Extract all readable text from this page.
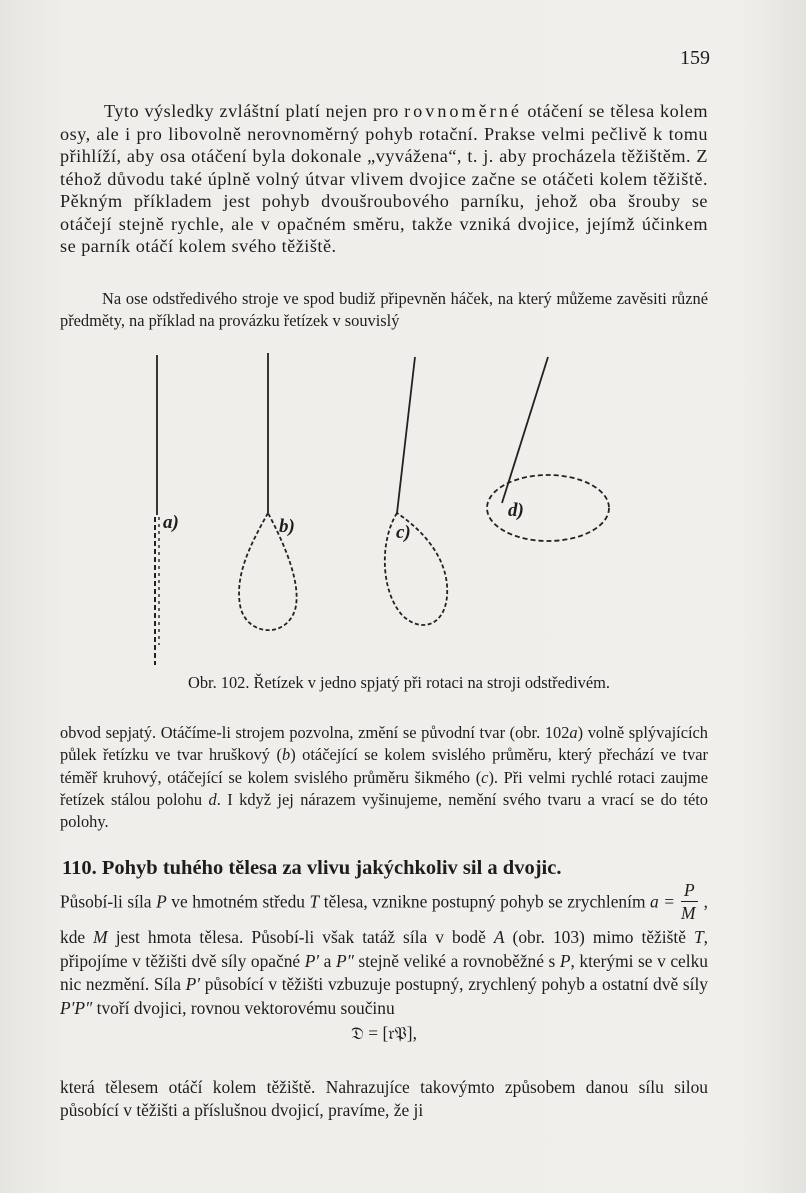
159
Tyto výsledky zvláštní platí nejen pro rovnoměrné otáčení se tělesa kolem osy, ale i pro libovolně nerovnoměrný pohyb rotační. Prakse velmi pečlivě k tomu přihlíží, aby osa otáčení byla dokonale „vyvážena“, t. j. aby procházela těžištěm. Z téhož důvodu také úplně volný útvar vlivem dvojice začne se otáčeti kolem těžiště. Pěkným příkladem jest pohyb dvoušroubového parníku, jehož oba šrouby se otáčejí stejně rychle, ale v opačném směru, takže vzniká dvojice, jejímž účinkem se parník otáčí kolem svého těžiště.
Na ose odstředivého stroje ve spod budiž připevněn háček, na který můžeme zavěsiti různé předměty, na příklad na provázku řetízek v souvislý
a)	b)	c)
d)
Obr. 102. Řetízek v jedno spjatý při rotaci na stroji odstředivém.
obvod sepjatý. Otáčíme-li strojem pozvolna, změní se původní tvar (obr. 102a) volně splývajících půlek řetízku ve tvar hruškový (b) otáčející se kolem svislého průměru, který přechází ve tvar téměř kruhový, otáčející se kolem svislého průměru šikmého (c). Při velmi rychlé rotaci zaujme řetízek stálou polohu d. I když jej nárazem vyšinujeme, nemění svého tvaru a vrací se do této polohy.
110. Pohyb tuhého tělesa za vlivu jakýchkoliv sil a dvojic.
Působí-li síla P ve hmotném středu T tělesa, vznikne postupný pohyb se zrychlením $a = \frac{P}{M}$ , kde M jest hmota tělesa. Působí-li však tatáž síla v bodě A (obr. 103) mimo těžiště T, připojíme v těžišti dvě síly opačné P′ a P″ stejně veliké a rovnoběžné s P, kterými se v celku nic nezmění. Síla P′ působící v těžišti vzbuzuje postupný, zrychlený pohyb a ostatní dvě síly P′P″ tvoří dvojici, rovnou vektorovému součinu
𝔇 = [𝔯𝔓],
která tělesem otáčí kolem těžiště. Nahrazujíce takovýmto způsobem danou sílu silou působící v těžišti a příslušnou dvojicí, pravíme, že ji
